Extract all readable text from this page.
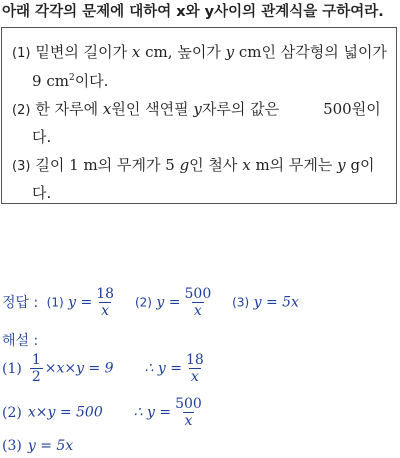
아래 각각의 문제에 대하여 x와 y사이의 관계식을 구하여라.
(1) 밑변의 길이가 x cm, 높이가 y cm인 삼각형의 넓이가
9 $cm^2$이다.
(2) 한 자루에 x원인 색연필 y자루의 값은	500원이
다.
(3) 길이 1 m의 무게가 5 g인 철사 x m의 무게는 y g이
다.
정답 : (1) $y = \frac{18}{x} (2) y = \frac{500}{x} (3) y = 5x$
해설 :
$(1) \frac{1}{2} \times x\times y = 9$ ∴ $y = \frac{18}{x}$
(2) x×y = 500 ∴ $y = \frac{500}{x}$
(3) y = 5x
